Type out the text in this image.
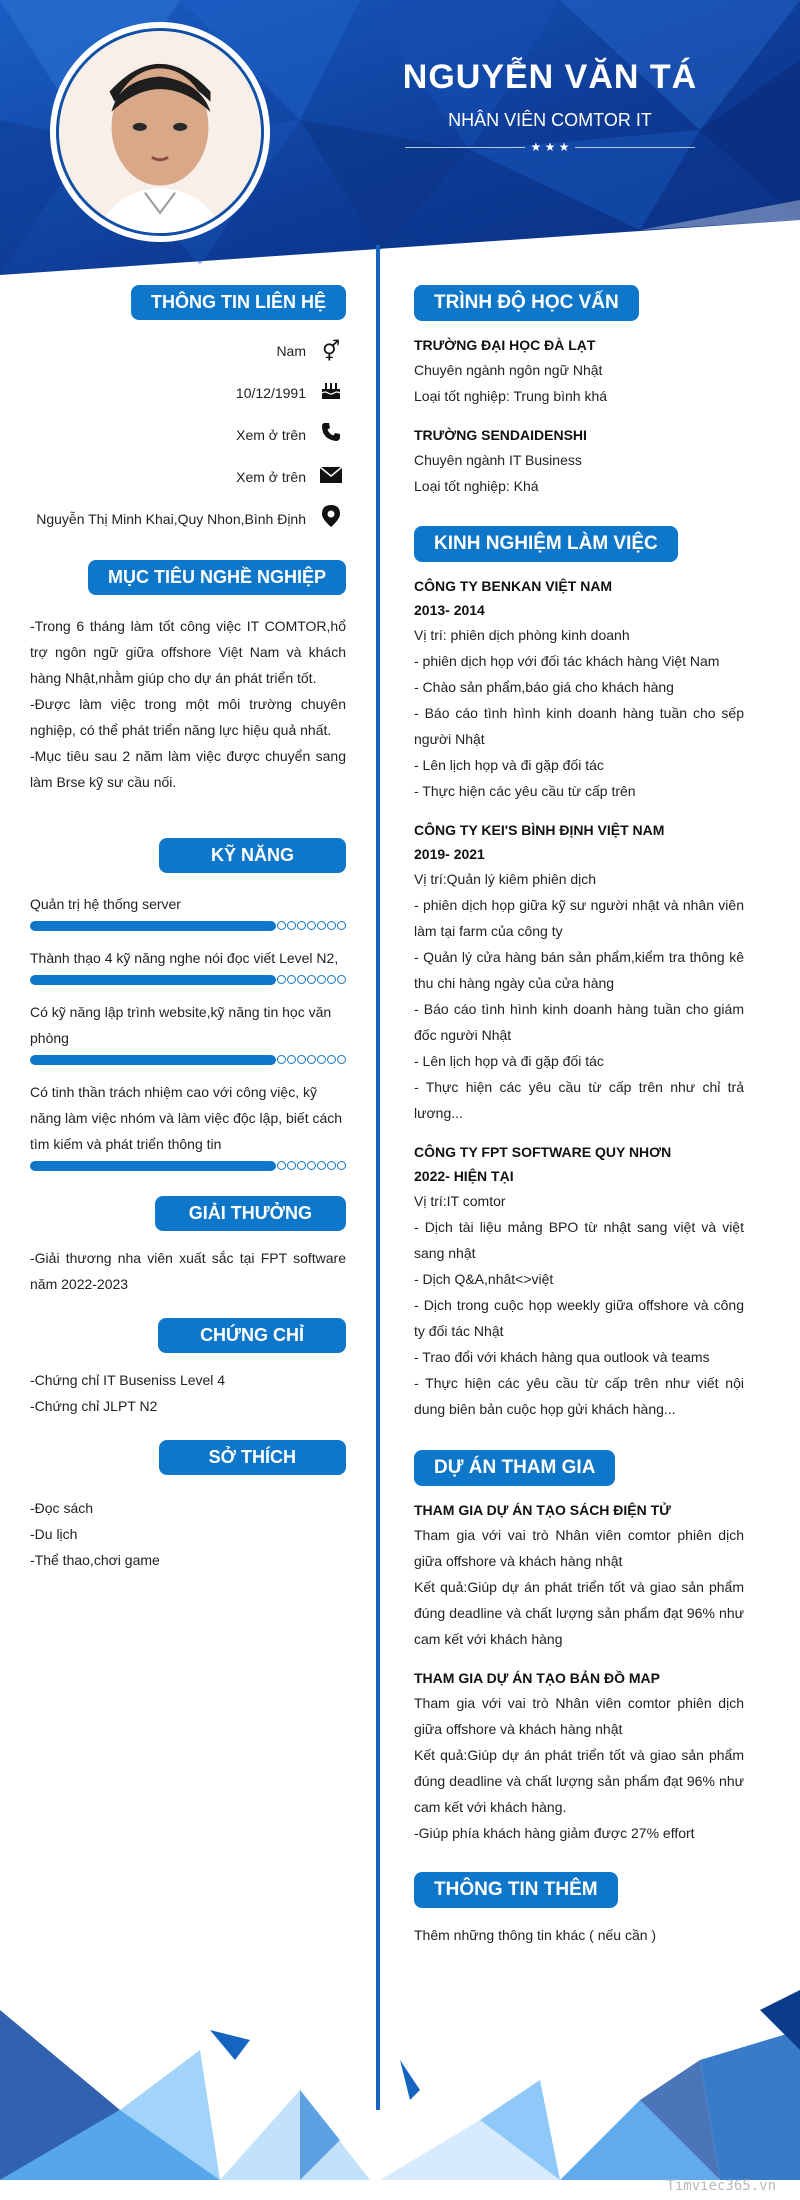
NGUYỄN VĂN TÁ
NHÂN VIÊN COMTOR IT
★ ★ ★
THÔNG TIN LIÊN HỆ
Nam ⚥
10/12/1991
Xem ở trên
Xem ở trên
Nguyễn Thị Minh Khai,Quy Nhon,Bình Định
MỤC TIÊU NGHỀ NGHIỆP

-Trong 6 tháng làm tốt công việc IT COMTOR,hổ trợ ngôn ngữ giữa offshore Việt Nam và khách hàng Nhật,nhằm giúp cho dự án phát triển tốt.

-Được làm việc trong một môi trường chuyên nghiệp, có thể phát triển năng lực hiệu quả nhất.

-Mục tiêu sau 2 năm làm việc được chuyển sang làm Brse kỹ sư cầu nối.

KỸ NĂNG
Quản trị hệ thống server
Thành thạo 4 kỹ năng nghe nói đọc viết Level N2,
Có kỹ năng lập trình website,kỹ năng tin học văn phòng
Có tinh thần trách nhiệm cao với công việc, kỹ năng làm việc nhóm và làm việc độc lập, biết cách tìm kiếm và phát triển thông tin
GIẢI THƯỞNG

-Giải thương nha viên xuất sắc tại FPT software năm 2022-2023

CHỨNG CHỈ

-Chứng chỉ IT Buseniss Level 4

-Chứng chỉ JLPT N2

SỞ THÍCH

-Đọc sách

-Du lịch

-Thể thao,chơi game

TRÌNH ĐỘ HỌC VẤN
TRƯỜNG ĐẠI HỌC ĐÀ LẠT
Chuyên ngành ngôn ngữ Nhật
Loại tốt nghiệp: Trung bình khá
TRƯỜNG SENDAIDENSHI
Chuyên ngành IT Business
Loại tốt nghiệp: Khá
KINH NGHIỆM LÀM VIỆC
CÔNG TY BENKAN VIỆT NAM
2013- 2014
Vị trí: phiên dịch phòng kinh doanh
- phiên dịch họp với đối tác khách hàng Việt Nam
- Chào sản phẩm,báo giá cho khách hàng
- Báo cáo tình hình kinh doanh hàng tuần cho sếp người Nhật
- Lên lịch họp và đi gặp đối tác
- Thực hiện các yêu cầu từ cấp trên
CÔNG TY KEI'S BÌNH ĐỊNH VIỆT NAM
2019- 2021
Vị trí:Quản lý kiêm phiên dịch
- phiên dịch họp giữa kỹ sư người nhật và nhân viên làm tại farm của công ty
- Quản lý cửa hàng bán sản phẩm,kiểm tra thông kê thu chi hàng ngày của cửa hàng
- Báo cáo tình hình kinh doanh hàng tuần cho giám đốc người Nhật
- Lên lịch họp và đi gặp đối tác
- Thực hiện các yêu cầu từ cấp trên như chỉ trả lương...
CÔNG TY FPT SOFTWARE QUY NHƠN
2022- HIỆN TẠI
Vị trí:IT comtor
- Dịch tài liệu mảng BPO từ nhật sang việt và việt sang nhật
- Dịch Q&A,nhât<>việt
- Dịch trong cuộc họp weekly giữa offshore và công ty đối tác Nhật
- Trao đổi với khách hàng qua outlook và teams
- Thực hiện các yêu cầu từ cấp trên như viết nội dung biên bản cuộc họp gửi khách hàng...
DỰ ÁN THAM GIA
THAM GIA DỰ ÁN TẠO SÁCH ĐIỆN TỬ
Tham gia với vai trò Nhân viên comtor phiên dịch giữa offshore và khách hàng nhật
Kết quả:Giúp dự án phát triển tốt và giao sản phẩm đúng deadline và chất lượng sản phẩm đạt 96% như cam kết với khách hàng
THAM GIA DỰ ÁN TẠO BẢN ĐỒ MAP
Tham gia với vai trò Nhân viên comtor phiên dịch giữa offshore và khách hàng nhật
Kết quả:Giúp dự án phát triển tốt và giao sản phẩm đúng deadline và chất lượng sản phẩm đạt 96% như cam kết với khách hàng.
-Giúp phía khách hàng giảm được 27% effort
THÔNG TIN THÊM
Thêm những thông tin khác ( nếu cần )
Timviec365.vn
